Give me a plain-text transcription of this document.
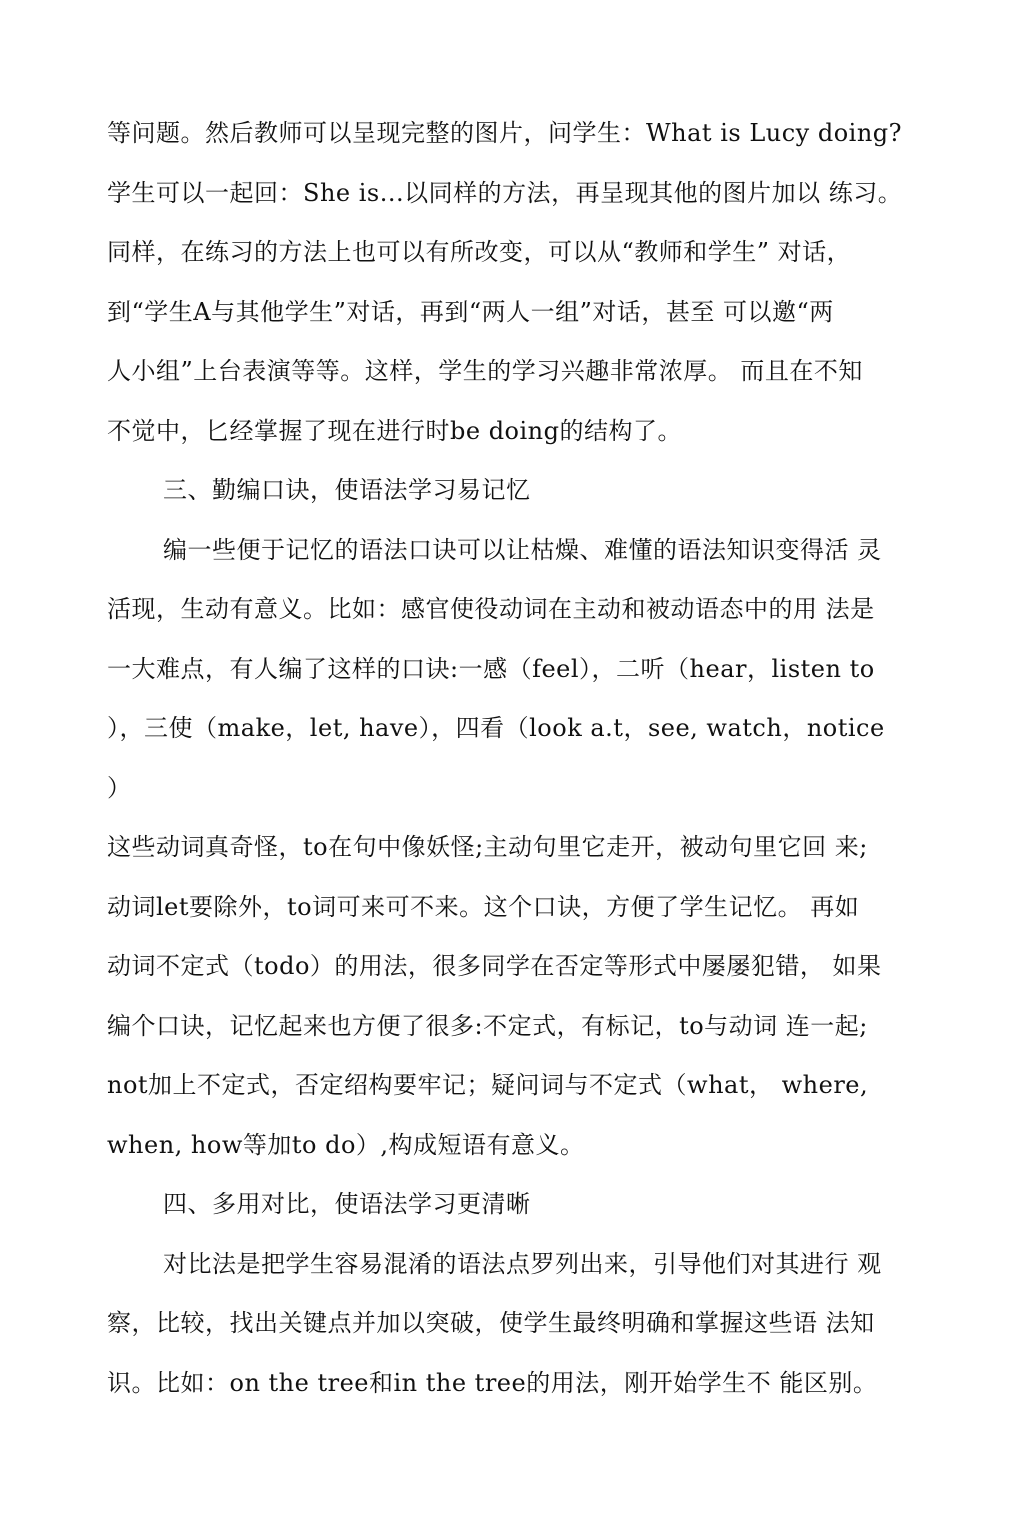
等问题。然后教师可以呈现完整的图片，问学生：What is Lucy doing?
学生可以一起回：She is...以同样的方法，再呈现其他的图片加以 练习。
同样，在练习的方法上也可以有所改变，可以从“教师和学生” 对话，
到“学生A与其他学生”对话，再到“两人一组”对话，甚至 可以邀“两
人小组”上台表演等等。这样，学生的学习兴趣非常浓厚。 而且在不知
不觉中，匕经掌握了现在进行时be doing的结构了。
三、勤编口诀，使语法学习易记忆
编一些便于记忆的语法口诀可以让枯燥、难懂的语法知识变得活 灵
活现，生动有意义。比如：感官使役动词在主动和被动语态中的用 法是
一大难点，有人编了这样的口诀:一感（feel），二听（hear，listen to
），三使（make，let, have），四看（look a.t，see, watch，notice
）
这些动词真奇怪，to在句中像妖怪;主动句里它走开，被动句里它回 来;
动词let要除外，to词可来可不来。这个口诀，方便了学生记忆。 再如
动词不定式（todo）的用法，很多同学在否定等形式中屡屡犯错， 如果
编个口诀，记忆起来也方便了很多:不定式，有标记，to与动词 连一起;
not加上不定式，否定绍构要牢记；疑问词与不定式（what， where,
when, how等加to do）,构成短语有意义。
四、多用对比，使语法学习更清晰
对比法是把学生容易混淆的语法点罗列出来，引导他们对其进行 观
察，比较，找出关键点并加以突破，使学生最终明确和掌握这些语 法知
识。比如：on the tree和in the tree的用法，刚开始学生不 能区别。
